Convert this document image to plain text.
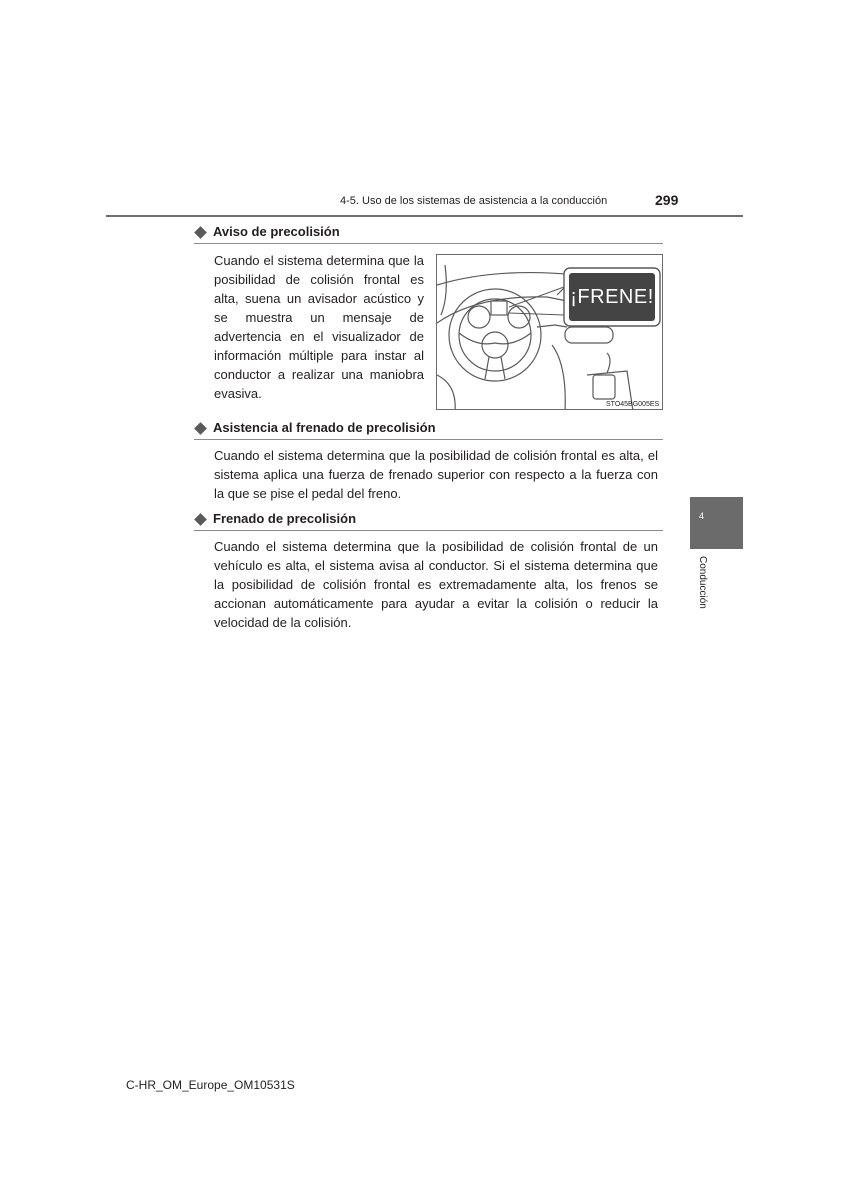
4-5. Uso de los sistemas de asistencia a la conducción	299
Aviso de precolisión
Cuando el sistema determina que la posibilidad de colisión frontal es alta, suena un avisador acústico y se muestra un mensaje de advertencia en el visualizador de información múltiple para instar al conductor a realizar una maniobra evasiva.
¡FRENE!
STO45BG005ES
Asistencia al frenado de precolisión
Cuando el sistema determina que la posibilidad de colisión frontal es alta, el sistema aplica una fuerza de frenado superior con respecto a la fuerza con la que se pise el pedal del freno.
Frenado de precolisión
Cuando el sistema determina que la posibilidad de colisión frontal de un vehículo es alta, el sistema avisa al conductor. Si el sistema determina que la posibilidad de colisión frontal es extremadamente alta, los frenos se accionan automáticamente para ayudar a evitar la colisión o reducir la velocidad de la colisión.
4
Conducción
C-HR_OM_Europe_OM10531S
